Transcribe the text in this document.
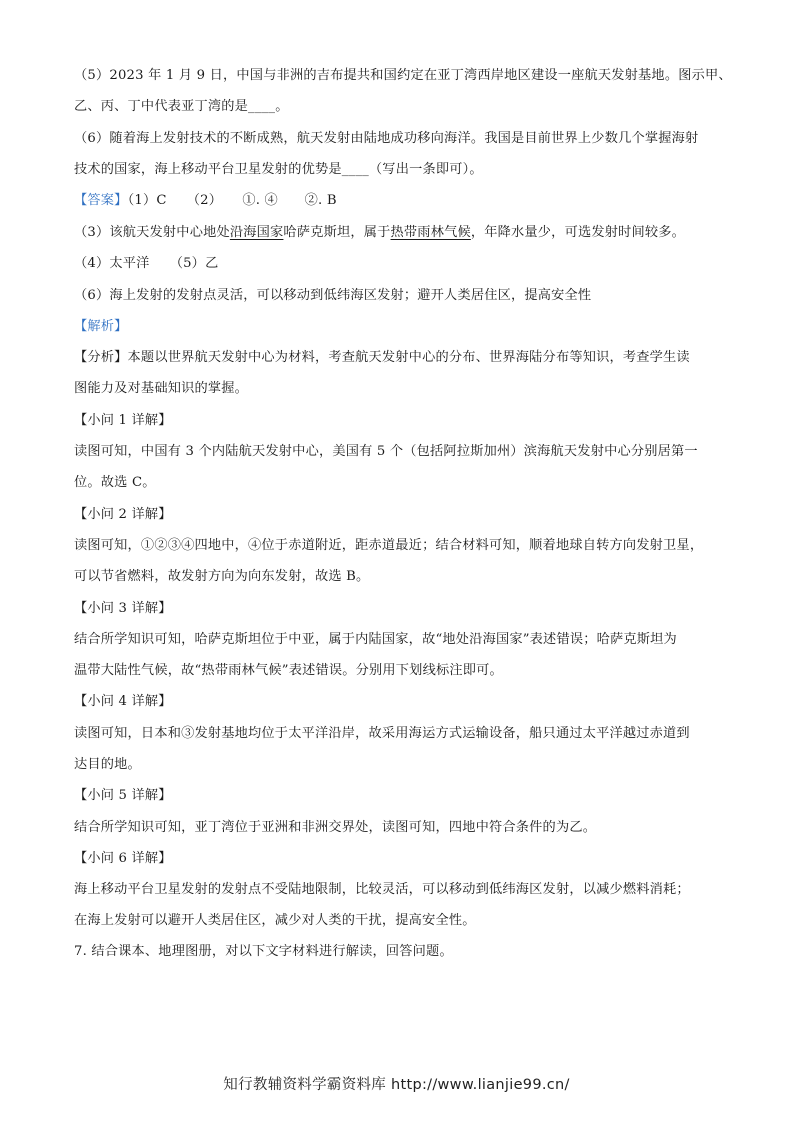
（5）2023 年 1 月 9 日，中国与非洲的吉布提共和国约定在亚丁湾西岸地区建设一座航天发射基地。图示甲、
乙、丙、丁中代表亚丁湾的是____。
（6）随着海上发射技术的不断成熟，航天发射由陆地成功移向海洋。我国是目前世界上少数几个掌握海射
技术的国家，海上移动平台卫星发射的优势是____（写出一条即可）。
【答案】（1）C　　（2）　　①. ④　　②. B
（3）该航天发射中心地处沿海国家哈萨克斯坦，属于热带雨林气候，年降水量少，可选发射时间较多。
（4）太平洋　　（5）乙
（6）海上发射的发射点灵活，可以移动到低纬海区发射；避开人类居住区，提高安全性
【解析】
【分析】本题以世界航天发射中心为材料，考查航天发射中心的分布、世界海陆分布等知识，考查学生读
图能力及对基础知识的掌握。
【小问 1 详解】
读图可知，中国有 3 个内陆航天发射中心，美国有 5 个（包括阿拉斯加州）滨海航天发射中心分别居第一
位。故选 C。
【小问 2 详解】
读图可知，①②③④四地中，④位于赤道附近，距赤道最近；结合材料可知，顺着地球自转方向发射卫星，
可以节省燃料，故发射方向为向东发射，故选 B。
【小问 3 详解】
结合所学知识可知，哈萨克斯坦位于中亚，属于内陆国家，故“地处沿海国家”表述错误；哈萨克斯坦为
温带大陆性气候，故“热带雨林气候”表述错误。分别用下划线标注即可。
【小问 4 详解】
读图可知，日本和③发射基地均位于太平洋沿岸，故采用海运方式运输设备，船只通过太平洋越过赤道到
达目的地。
【小问 5 详解】
结合所学知识可知，亚丁湾位于亚洲和非洲交界处，读图可知，四地中符合条件的为乙。
【小问 6 详解】
海上移动平台卫星发射的发射点不受陆地限制，比较灵活，可以移动到低纬海区发射，以减少燃料消耗；
在海上发射可以避开人类居住区，减少对人类的干扰，提高安全性。
7. 结合课本、地理图册，对以下文字材料进行解读，回答问题。
知行教辅资料学霸资料库 http://www.lianjie99.cn/
